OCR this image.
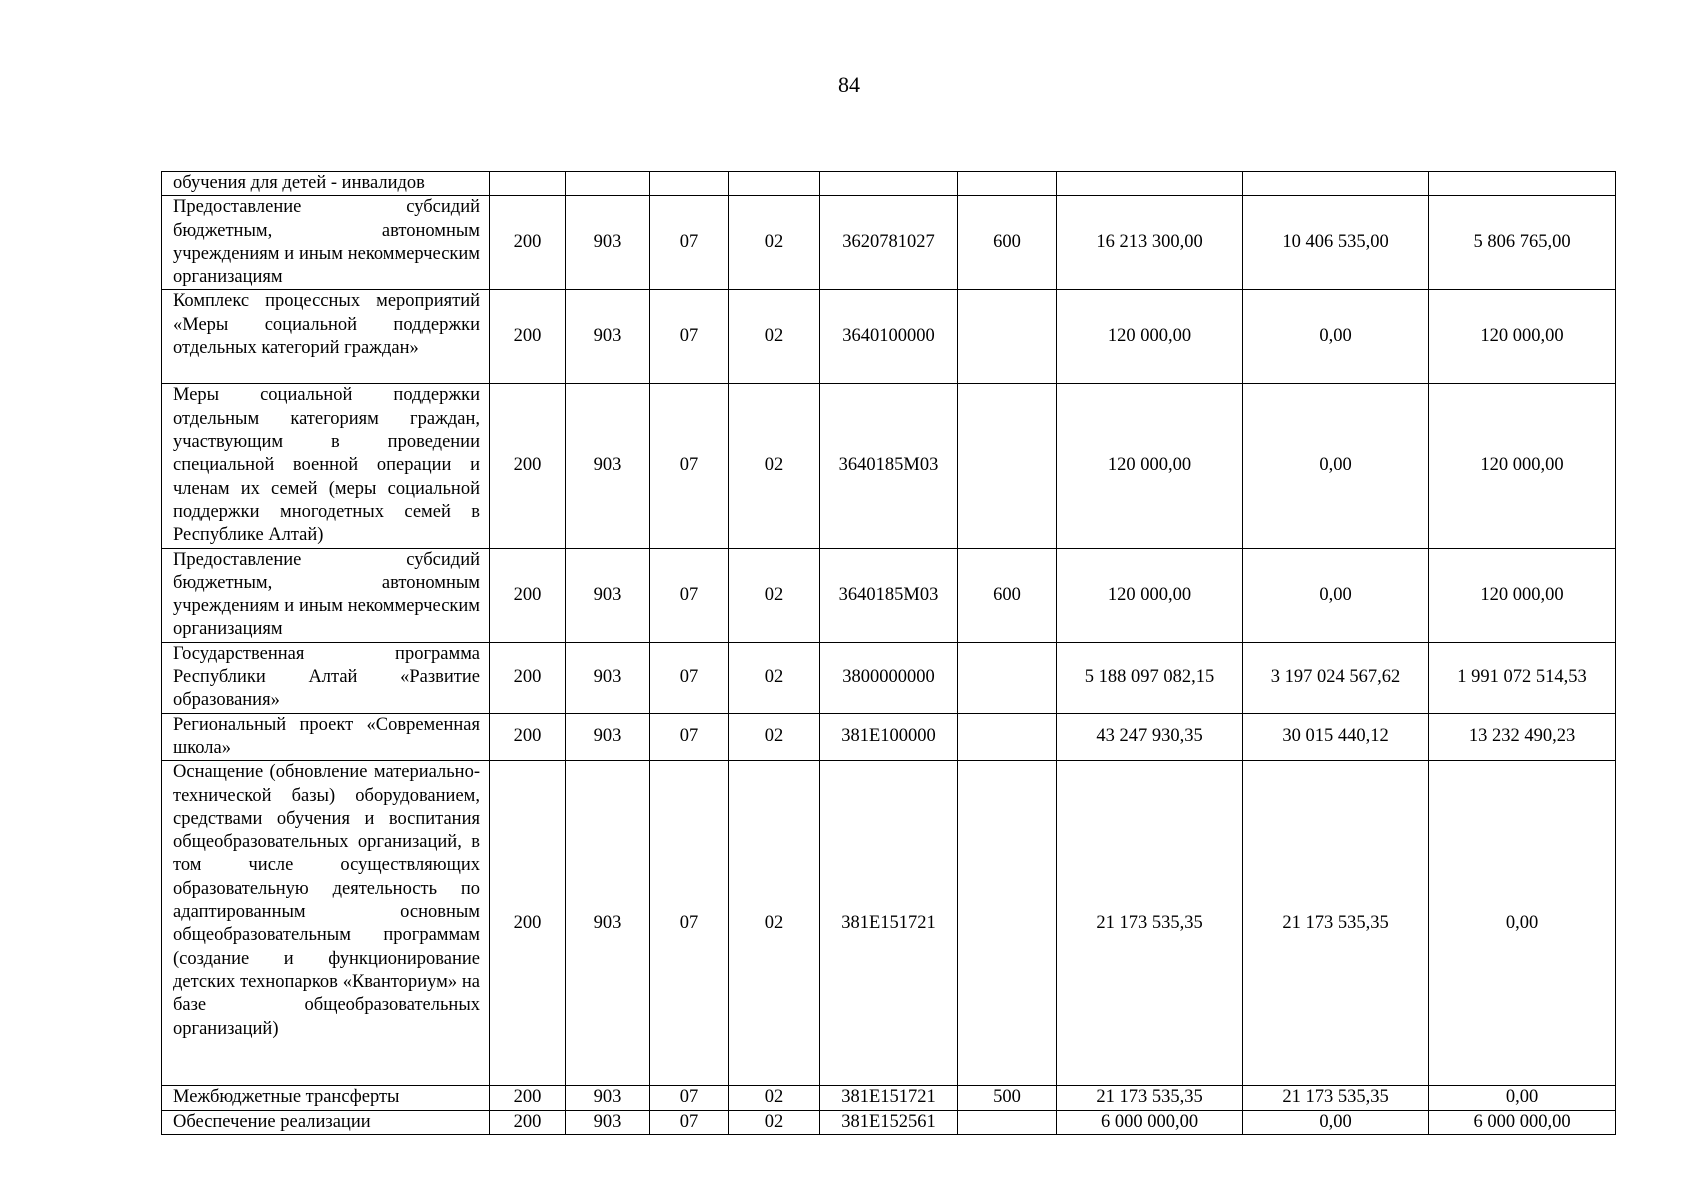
84
обучения для детей - инвалидов									
Предоставление субсидий бюджетным, автономным учреждениям и иным некоммерческим организациям	200	903	07	02	3620781027	600	16 213 300,00	10 406 535,00	5 806 765,00
Комплекс процессных мероприятий «Меры социальной поддержки отдельных категорий граждан»	200	903	07	02	3640100000		120 000,00	0,00	120 000,00
Меры социальной поддержки отдельным категориям граждан, участвующим в проведении специальной военной операции и членам их семей (меры социальной поддержки многодетных семей в Республике Алтай)	200	903	07	02	3640185М03		120 000,00	0,00	120 000,00
Предоставление субсидий бюджетным, автономным учреждениям и иным некоммерческим организациям	200	903	07	02	3640185М03	600	120 000,00	0,00	120 000,00
Государственная программа Республики Алтай «Развитие образования»	200	903	07	02	3800000000		5 188 097 082,15	3 197 024 567,62	1 991 072 514,53
Региональный проект «Современная школа»	200	903	07	02	381Е100000		43 247 930,35	30 015 440,12	13 232 490,23
Оснащение (обновление материально-технической базы) оборудованием, средствами обучения и воспитания общеобразовательных организаций, в том числе осуществляющих образовательную деятельность по адаптированным основным общеобразовательным программам (создание и функционирование детских технопарков «Кванториум» на базе общеобразовательных организаций)	200	903	07	02	381Е151721		21 173 535,35	21 173 535,35	0,00
Межбюджетные трансферты	200	903	07	02	381Е151721	500	21 173 535,35	21 173 535,35	0,00
Обеспечение реализации	200	903	07	02	381Е152561		6 000 000,00	0,00	6 000 000,00
